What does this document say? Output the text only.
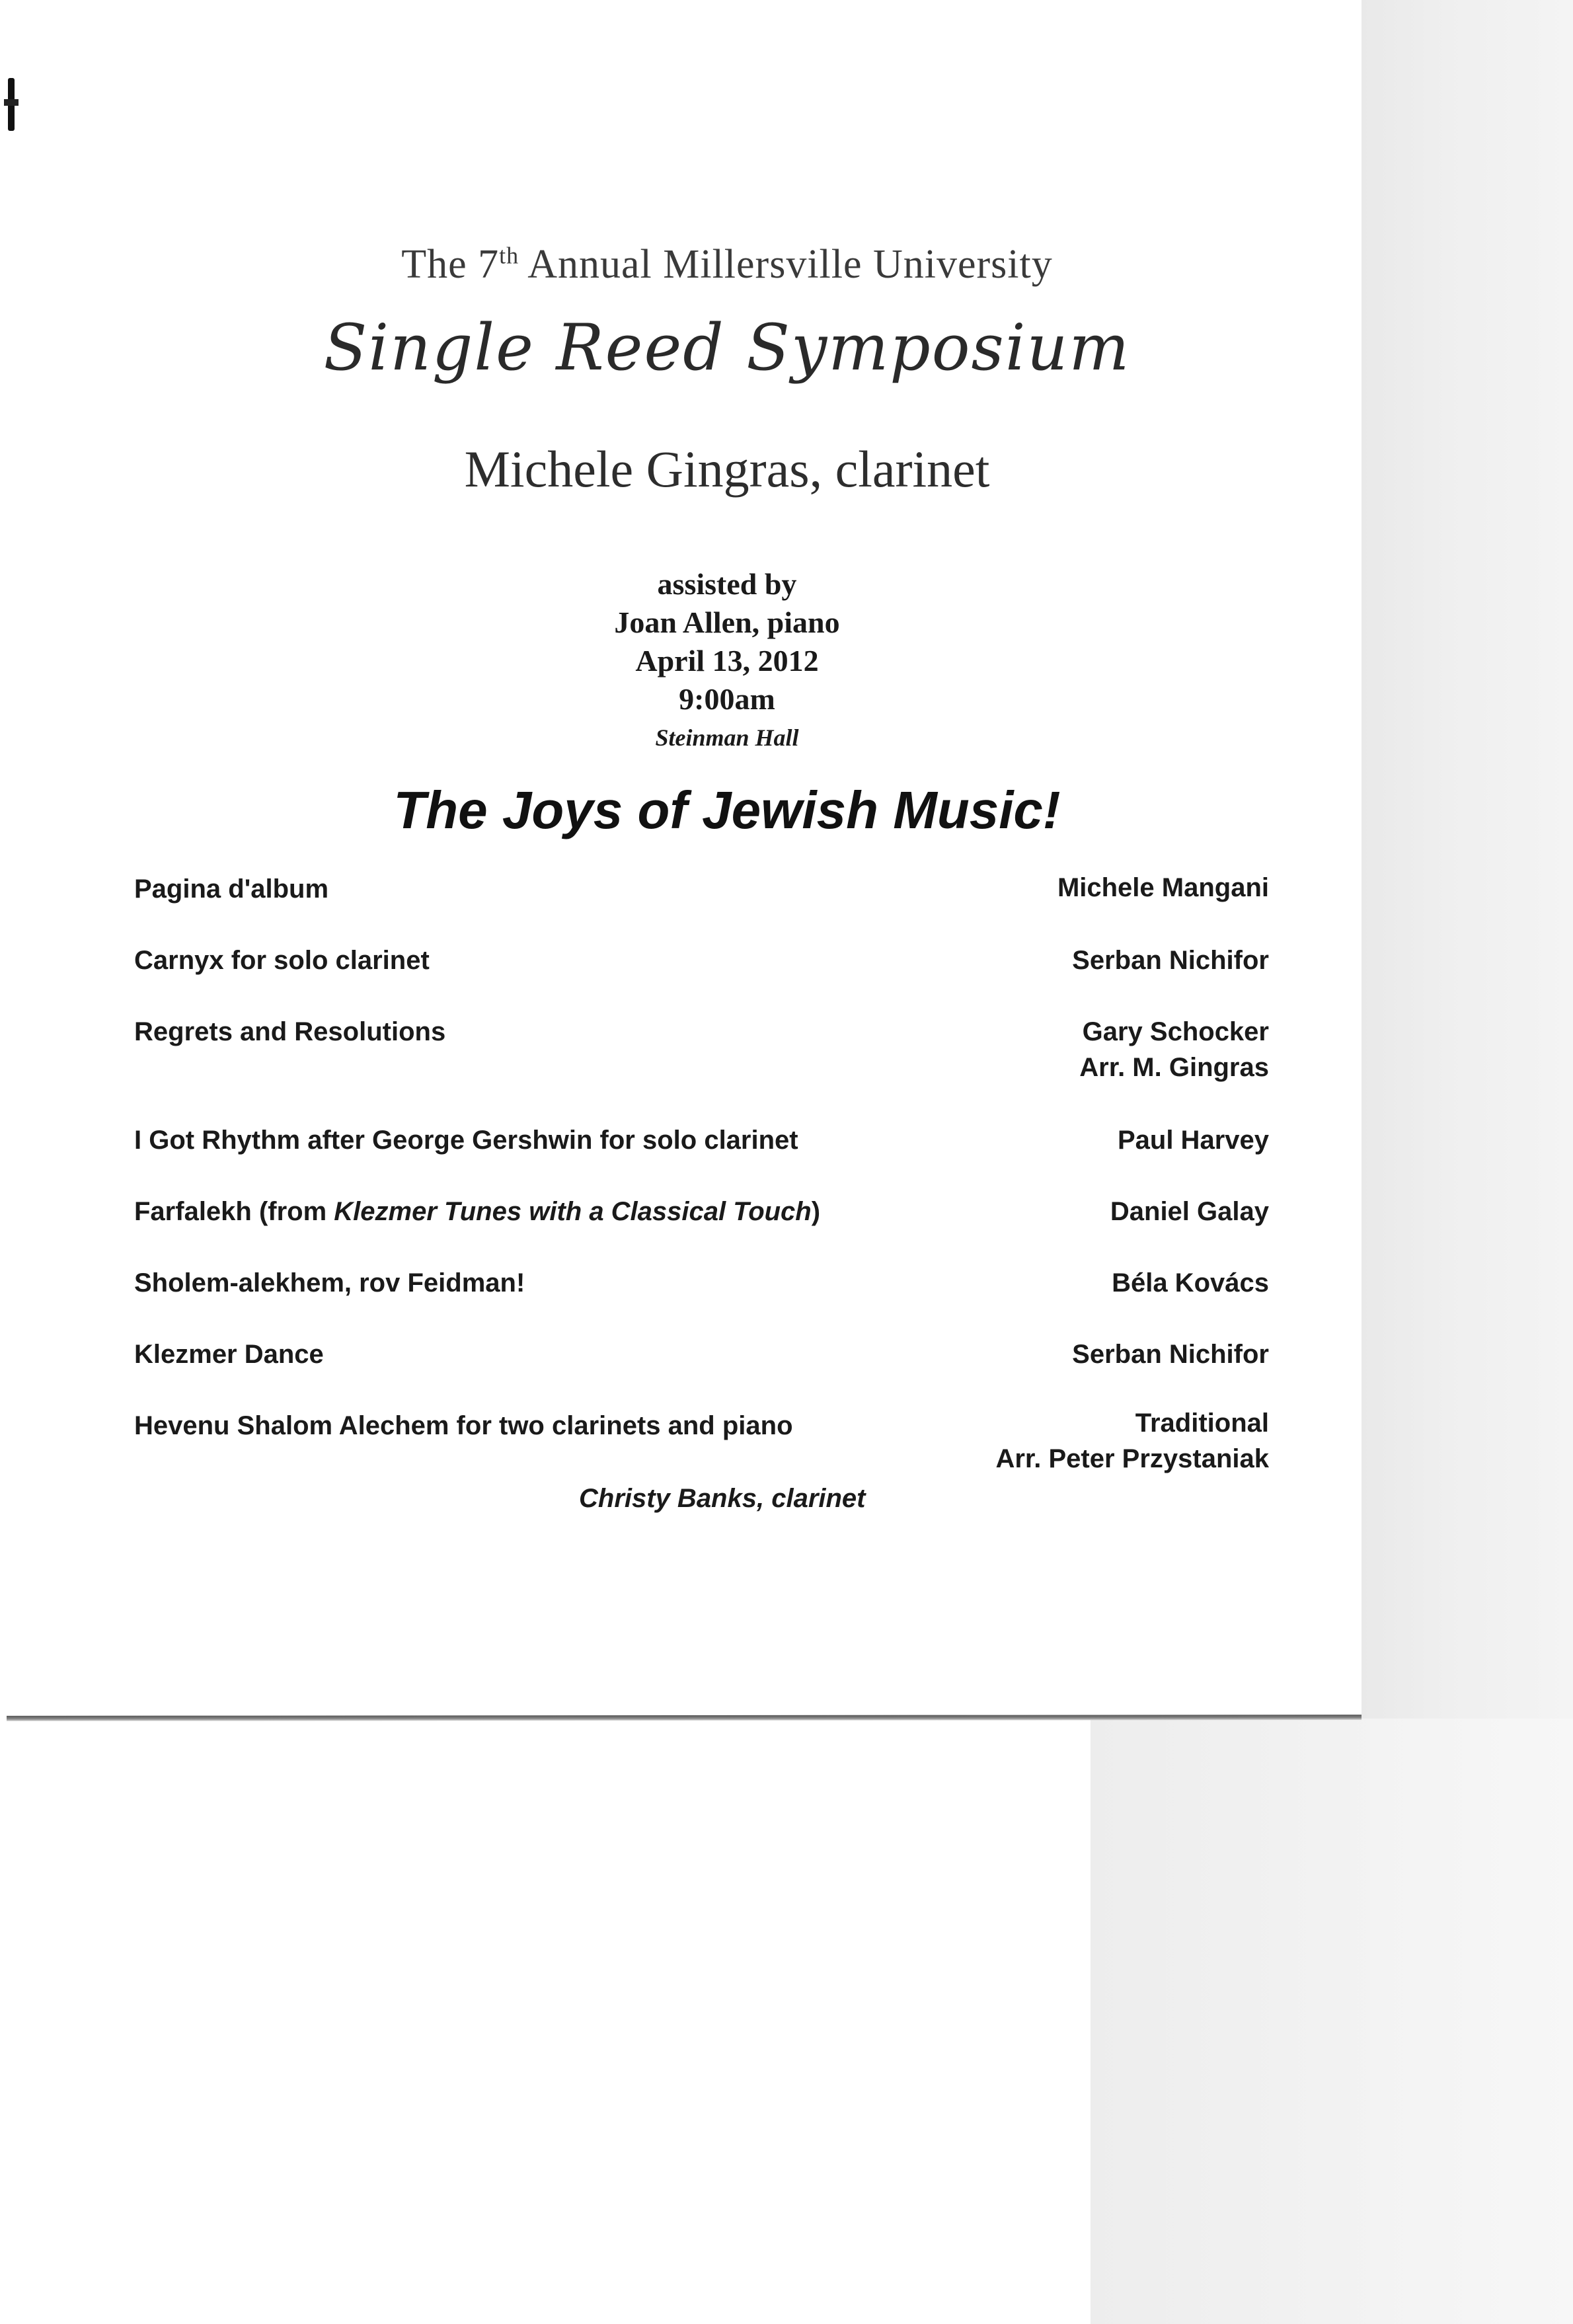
The 7th Annual Millersville University
Single Reed Symposium
Michele Gingras, clarinet
assisted by
Joan Allen, piano
April 13, 2012
9:00am
Steinman Hall
The Joys of Jewish Music!
Pagina d'album	Michele Mangani
Carnyx for solo clarinet	Serban Nichifor
Regrets and Resolutions	Gary Schocker
Arr. M. Gingras
I Got Rhythm after George Gershwin for solo clarinet	Paul Harvey
Farfalekh (from Klezmer Tunes with a Classical Touch)	Daniel Galay
Sholem-alekhem, rov Feidman!	Béla Kovács
Klezmer Dance	Serban Nichifor
Hevenu Shalom Alechem for two clarinets and piano	Traditional
Arr. Peter Przystaniak
Christy Banks, clarinet
